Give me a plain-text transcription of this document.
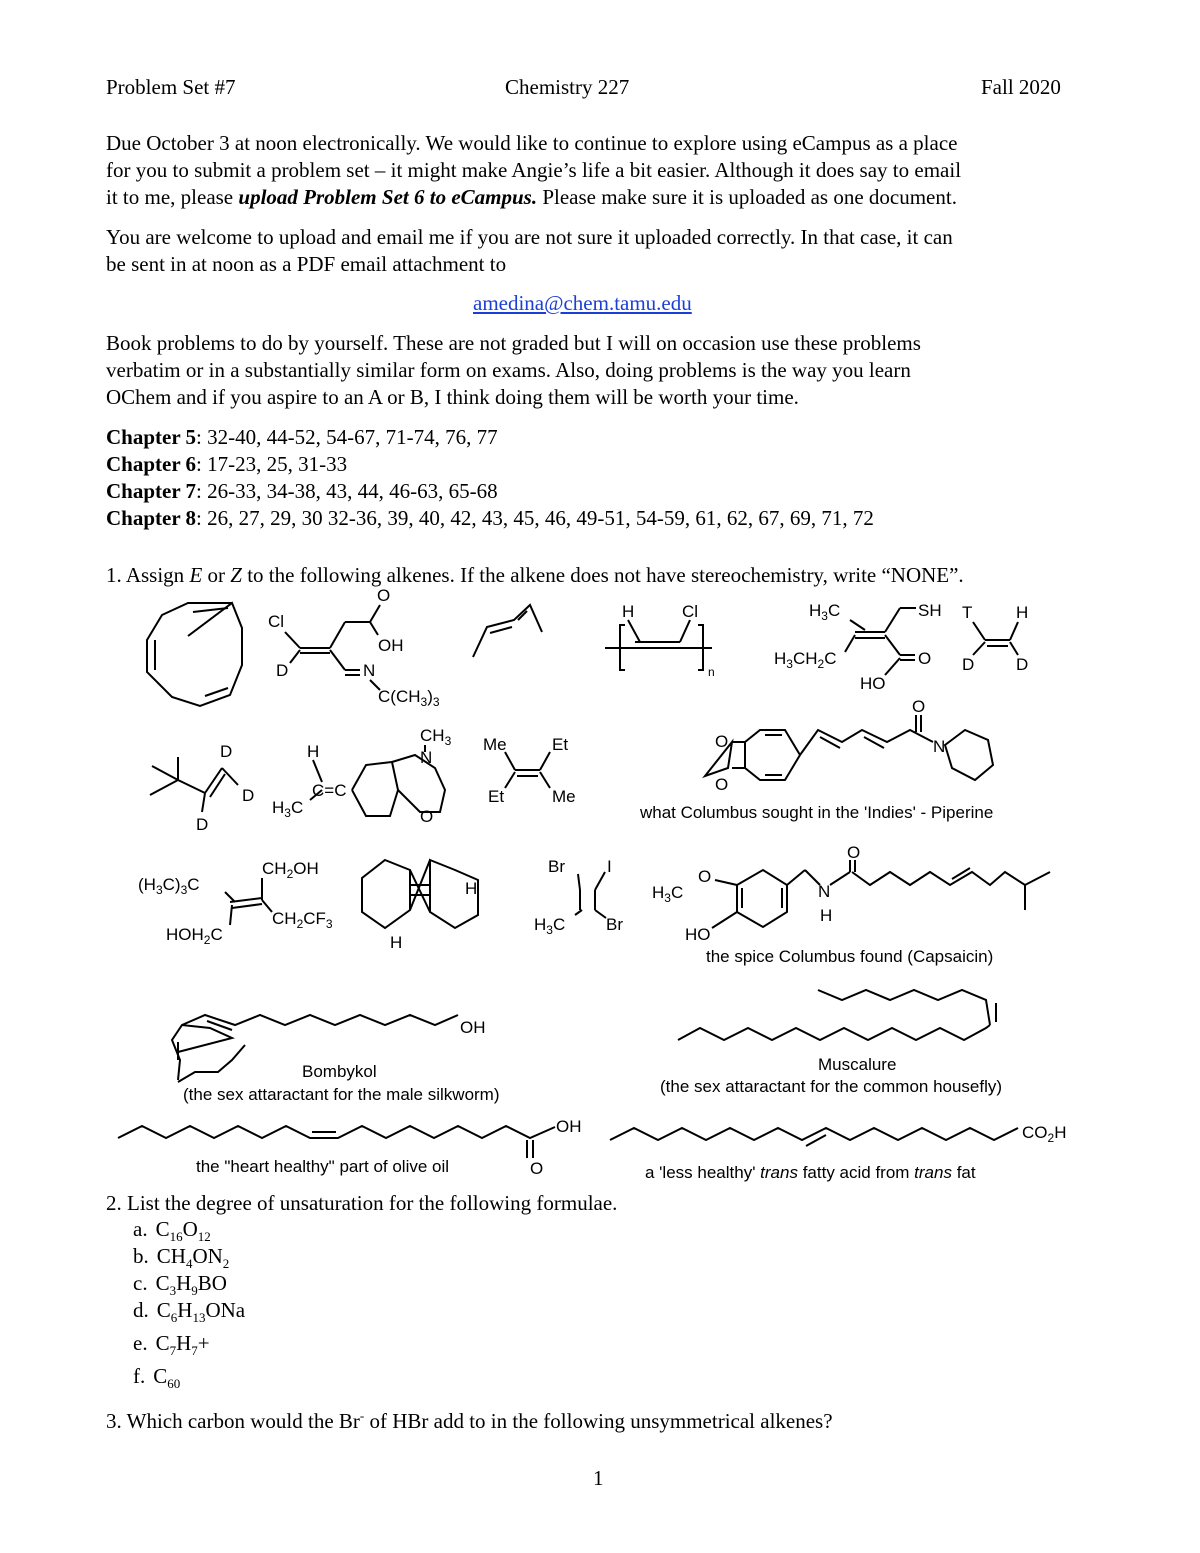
Problem Set #7	Chemistry 227	Fall 2020
Due October 3 at noon electronically. We would like to continue to explore using eCampus as a place
for you to submit a problem set – it might make Angie’s life a bit easier. Although it does say to email
it to me, please upload Problem Set 6 to eCampus. Please make sure it is uploaded as one document.
You are welcome to upload and email me if you are not sure it uploaded correctly. In that case, it can
be sent in at noon as a PDF email attachment to
amedina@chem.tamu.edu
Book problems to do by yourself. These are not graded but I will on occasion use these problems
verbatim or in a substantially similar form on exams. Also, doing problems is the way you learn
OChem and if you aspire to an A or B, I think doing them will be worth your time.
Chapter 5: 32-40, 44-52, 54-67, 71-74, 76, 77
Chapter 6: 17-23, 25, 31-33
Chapter 7: 26-33, 34-38, 43, 44, 46-63, 65-68
Chapter 8: 26, 27, 29, 30 32-36, 39, 40, 42, 43, 45, 46, 49-51, 54-59, 61, 62, 67, 69, 71, 72
1. Assign E or Z to the following alkenes. If the alkene does not have stereochemistry, write “NONE”.
Cl
D
O
OH
N
$C(CH_3)_3$
H	Cl
n
$H_3C$	SH
$H_3CH_2C$	O
HO
T	H
D D
D
D
D
H
$H_3C$
C=C
$CH_3$
N
O
Me	Et
Et	Me
O
O
O
N
what Columbus sought in the 'Indies' - Piperine
$(H_3C)_3C$
$CH_2OH$
$HOH_2C$
$CH_2CF_3$
H
H
Br I
$H_3C$ Br
$H_3C$
O
HO
N
H
O
the spice Columbus found (Capsaicin)
OH
Bombykol
(the sex attaractant for the male silkworm)
Muscalure
(the sex attaractant for the common housefly)
OH
O
the "heart healthy" part of olive oil
$CO_2H$
a 'less healthy' trans fatty acid from trans fat
2. List the degree of unsaturation for the following formulae.
a. $C_{16}O_{12}$
b. $CH_4ON_2$
c. $C_3H_9BO$
d. $C_6H_{13}ONa$
e. $C_7H_7+$
f. $C_{60}$
3. Which carbon would the Br- of HBr add to in the following unsymmetrical alkenes?
1
